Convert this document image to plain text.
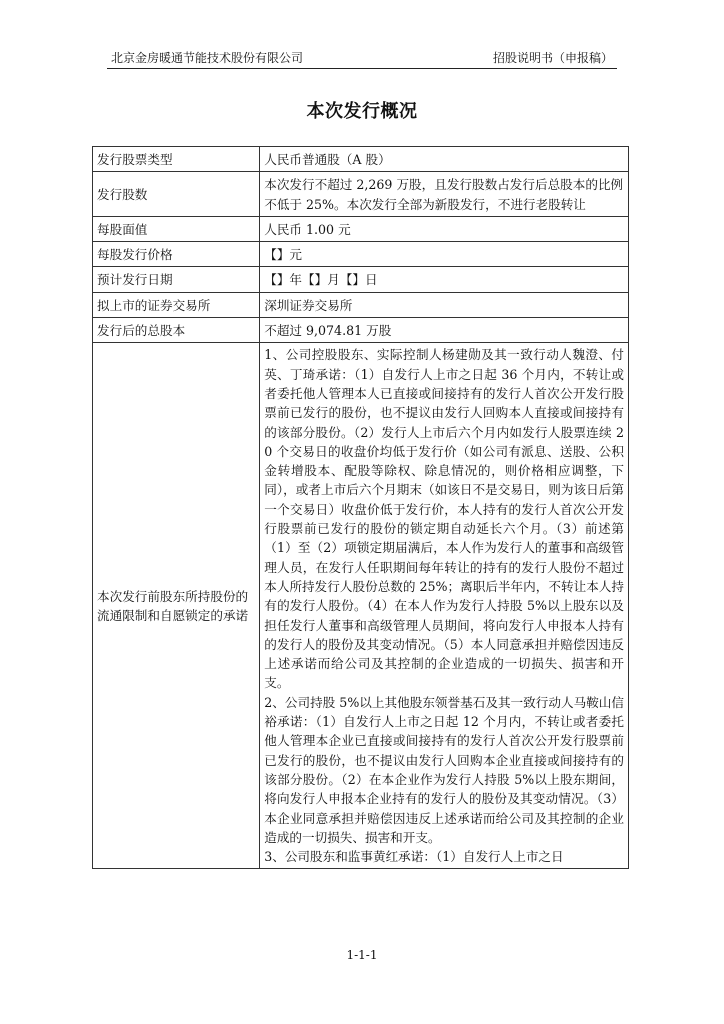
北京金房暖通节能技术股份有限公司	招股说明书（申报稿）
本次发行概况
发行股票类型	人民币普通股（A 股）
发行股数	本次发行不超过 2,269 万股，且发行股数占发行后总股本的比例不低于 25%。本次发行全部为新股发行，不进行老股转让
每股面值	人民币 1.00 元
每股发行价格	【】元
预计发行日期	【】年【】月【】日
拟上市的证券交易所	深圳证券交易所
发行后的总股本	不超过 9,074.81 万股
本次发行前股东所持股份的流通限制和自愿锁定的承诺	1、公司控股股东、实际控制人杨建勋及其一致行动人魏澄、付英、丁琦承诺：（1）自发行人上市之日起 36 个月内，不转让或者委托他人管理本人已直接或间接持有的发行人首次公开发行股票前已发行的股份，也不提议由发行人回购本人直接或间接持有的该部分股份。（2）发行人上市后六个月内如发行人股票连续 20 个交易日的收盘价均低于发行价（如公司有派息、送股、公积金转增股本、配股等除权、除息情况的，则价格相应调整，下同），或者上市后六个月期末（如该日不是交易日，则为该日后第一个交易日）收盘价低于发行价，本人持有的发行人首次公开发行股票前已发行的股份的锁定期自动延长六个月。（3）前述第（1）至（2）项锁定期届满后，本人作为发行人的董事和高级管理人员，在发行人任职期间每年转让的持有的发行人股份不超过本人所持发行人股份总数的 25%；离职后半年内，不转让本人持有的发行人股份。（4）在本人作为发行人持股 5%以上股东以及担任发行人董事和高级管理人员期间，将向发行人申报本人持有的发行人的股份及其变动情况。（5）本人同意承担并赔偿因违反上述承诺而给公司及其控制的企业造成的一切损失、损害和开支。
2、公司持股 5%以上其他股东领誉基石及其一致行动人马鞍山信裕承诺：（1）自发行人上市之日起 12 个月内，不转让或者委托他人管理本企业已直接或间接持有的发行人首次公开发行股票前已发行的股份，也不提议由发行人回购本企业直接或间接持有的该部分股份。（2）在本企业作为发行人持股 5%以上股东期间，将向发行人申报本企业持有的发行人的股份及其变动情况。（3）本企业同意承担并赔偿因违反上述承诺而给公司及其控制的企业造成的一切损失、损害和开支。
3、公司股东和监事黄红承诺：（1）自发行人上市之日
1-1-1
